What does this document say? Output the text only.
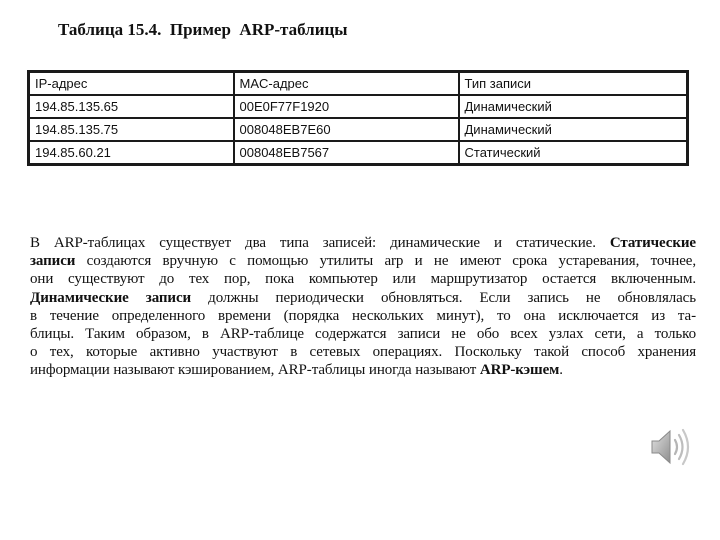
Таблица 15.4.  Пример  ARP-таблицы
IP-адрес	MAC-адрес	Тип записи
194.85.135.65	00E0F77F1920	Динамический
194.85.135.75	008048EB7E60	Динамический
194.85.60.21	008048EB7567	Статический
В ARP-таблицах существует два типа записей: динамические и статические. Статические
записи создаются вручную с помощью утилиты arp и не имеют срока устаревания, точнее,
они существуют до тех пор, пока компьютер или маршрутизатор остается включенным.
Динамические записи должны периодически обновляться. Если запись не обновлялась
в течение определенного времени (порядка нескольких минут), то она исключается из та-
блицы. Таким образом, в ARP-таблице содержатся записи не обо всех узлах сети, а только
о тех, которые активно участвуют в сетевых операциях. Поскольку такой способ хранения
информации называют кэшированием, ARP-таблицы иногда называют ARP-кэшем.
